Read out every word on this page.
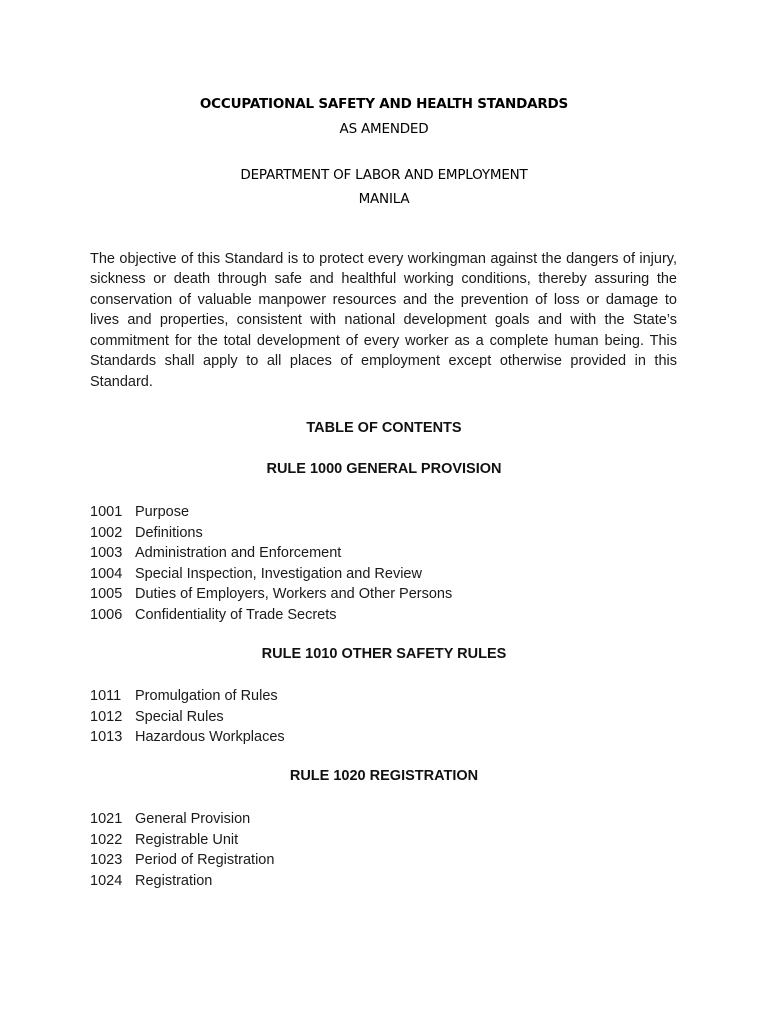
OCCUPATIONAL SAFETY AND HEALTH STANDARDS
AS AMENDED
DEPARTMENT OF LABOR AND EMPLOYMENT
MANILA

The objective of this Standard is to protect every workingman against the dangers of injury, sickness or death through safe and healthful working conditions, thereby assuring the conservation of valuable manpower resources and the prevention of loss or damage to lives and properties, consistent with national development goals and with the State’s commitment for the total development of every worker as a complete human being. This Standards shall apply to all places of employment except otherwise provided in this Standard.

TABLE OF CONTENTS
RULE 1000 GENERAL PROVISION
1001 Purpose
1002 Definitions
1003 Administration and Enforcement
1004 Special Inspection, Investigation and Review
1005 Duties of Employers, Workers and Other Persons
1006 Confidentiality of Trade Secrets
RULE 1010 OTHER SAFETY RULES
1011 Promulgation of Rules
1012 Special Rules
1013 Hazardous Workplaces
RULE 1020 REGISTRATION
1021 General Provision
1022 Registrable Unit
1023 Period of Registration
1024 Registration
